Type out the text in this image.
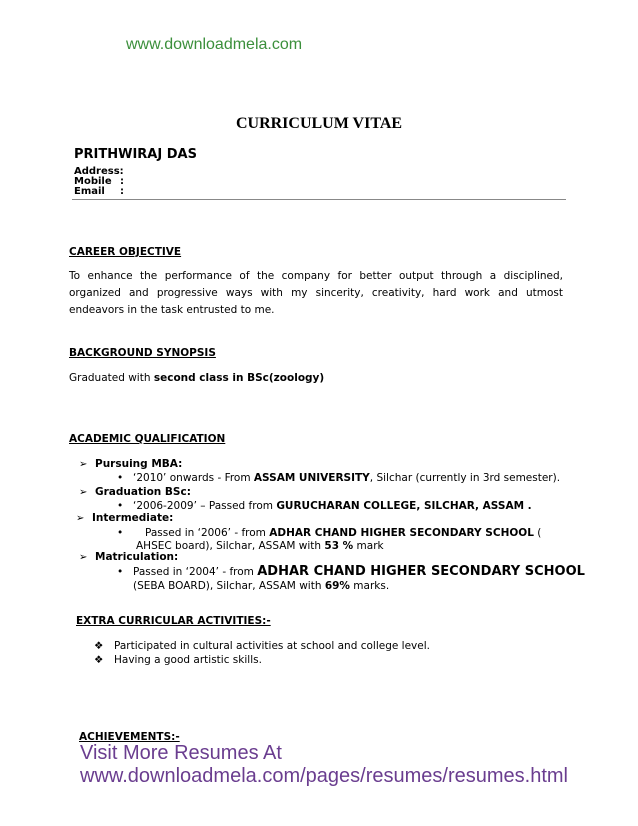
www.downloadmela.com
CURRICULUM VITAE
PRITHWIRAJ DAS
Address:
Mobile :
Email :
CAREER OBJECTIVE
To enhance the performance of the company for better output through a disciplined, organized and progressive ways with my sincerity, creativity, hard work and utmost endeavors in the task entrusted to me.
BACKGROUND SYNOPSIS
Graduated with second class in BSc(zoology)
ACADEMIC QUALIFICATION
➢ Pursuing MBA:
• ‘2010’ onwards - From ASSAM UNIVERSITY, Silchar (currently in 3rd semester).
➢ Graduation BSc:
• ‘2006-2009’ – Passed from GURUCHARAN COLLEGE, SILCHAR, ASSAM .
➢ Intermediate:
• Passed in ‘2006’ - from ADHAR CHAND HIGHER SECONDARY SCHOOL (
AHSEC board), Silchar, ASSAM with 53 % mark
➢ Matriculation:
• Passed in ‘2004’ - from ADHAR CHAND HIGHER SECONDARY SCHOOL
(SEBA BOARD), Silchar, ASSAM with 69% marks.
EXTRA CURRICULAR ACTIVITIES:-
❖ Participated in cultural activities at school and college level.
❖ Having a good artistic skills.
ACHIEVEMENTS:-
Visit More Resumes At
www.downloadmela.com/pages/resumes/resumes.html
